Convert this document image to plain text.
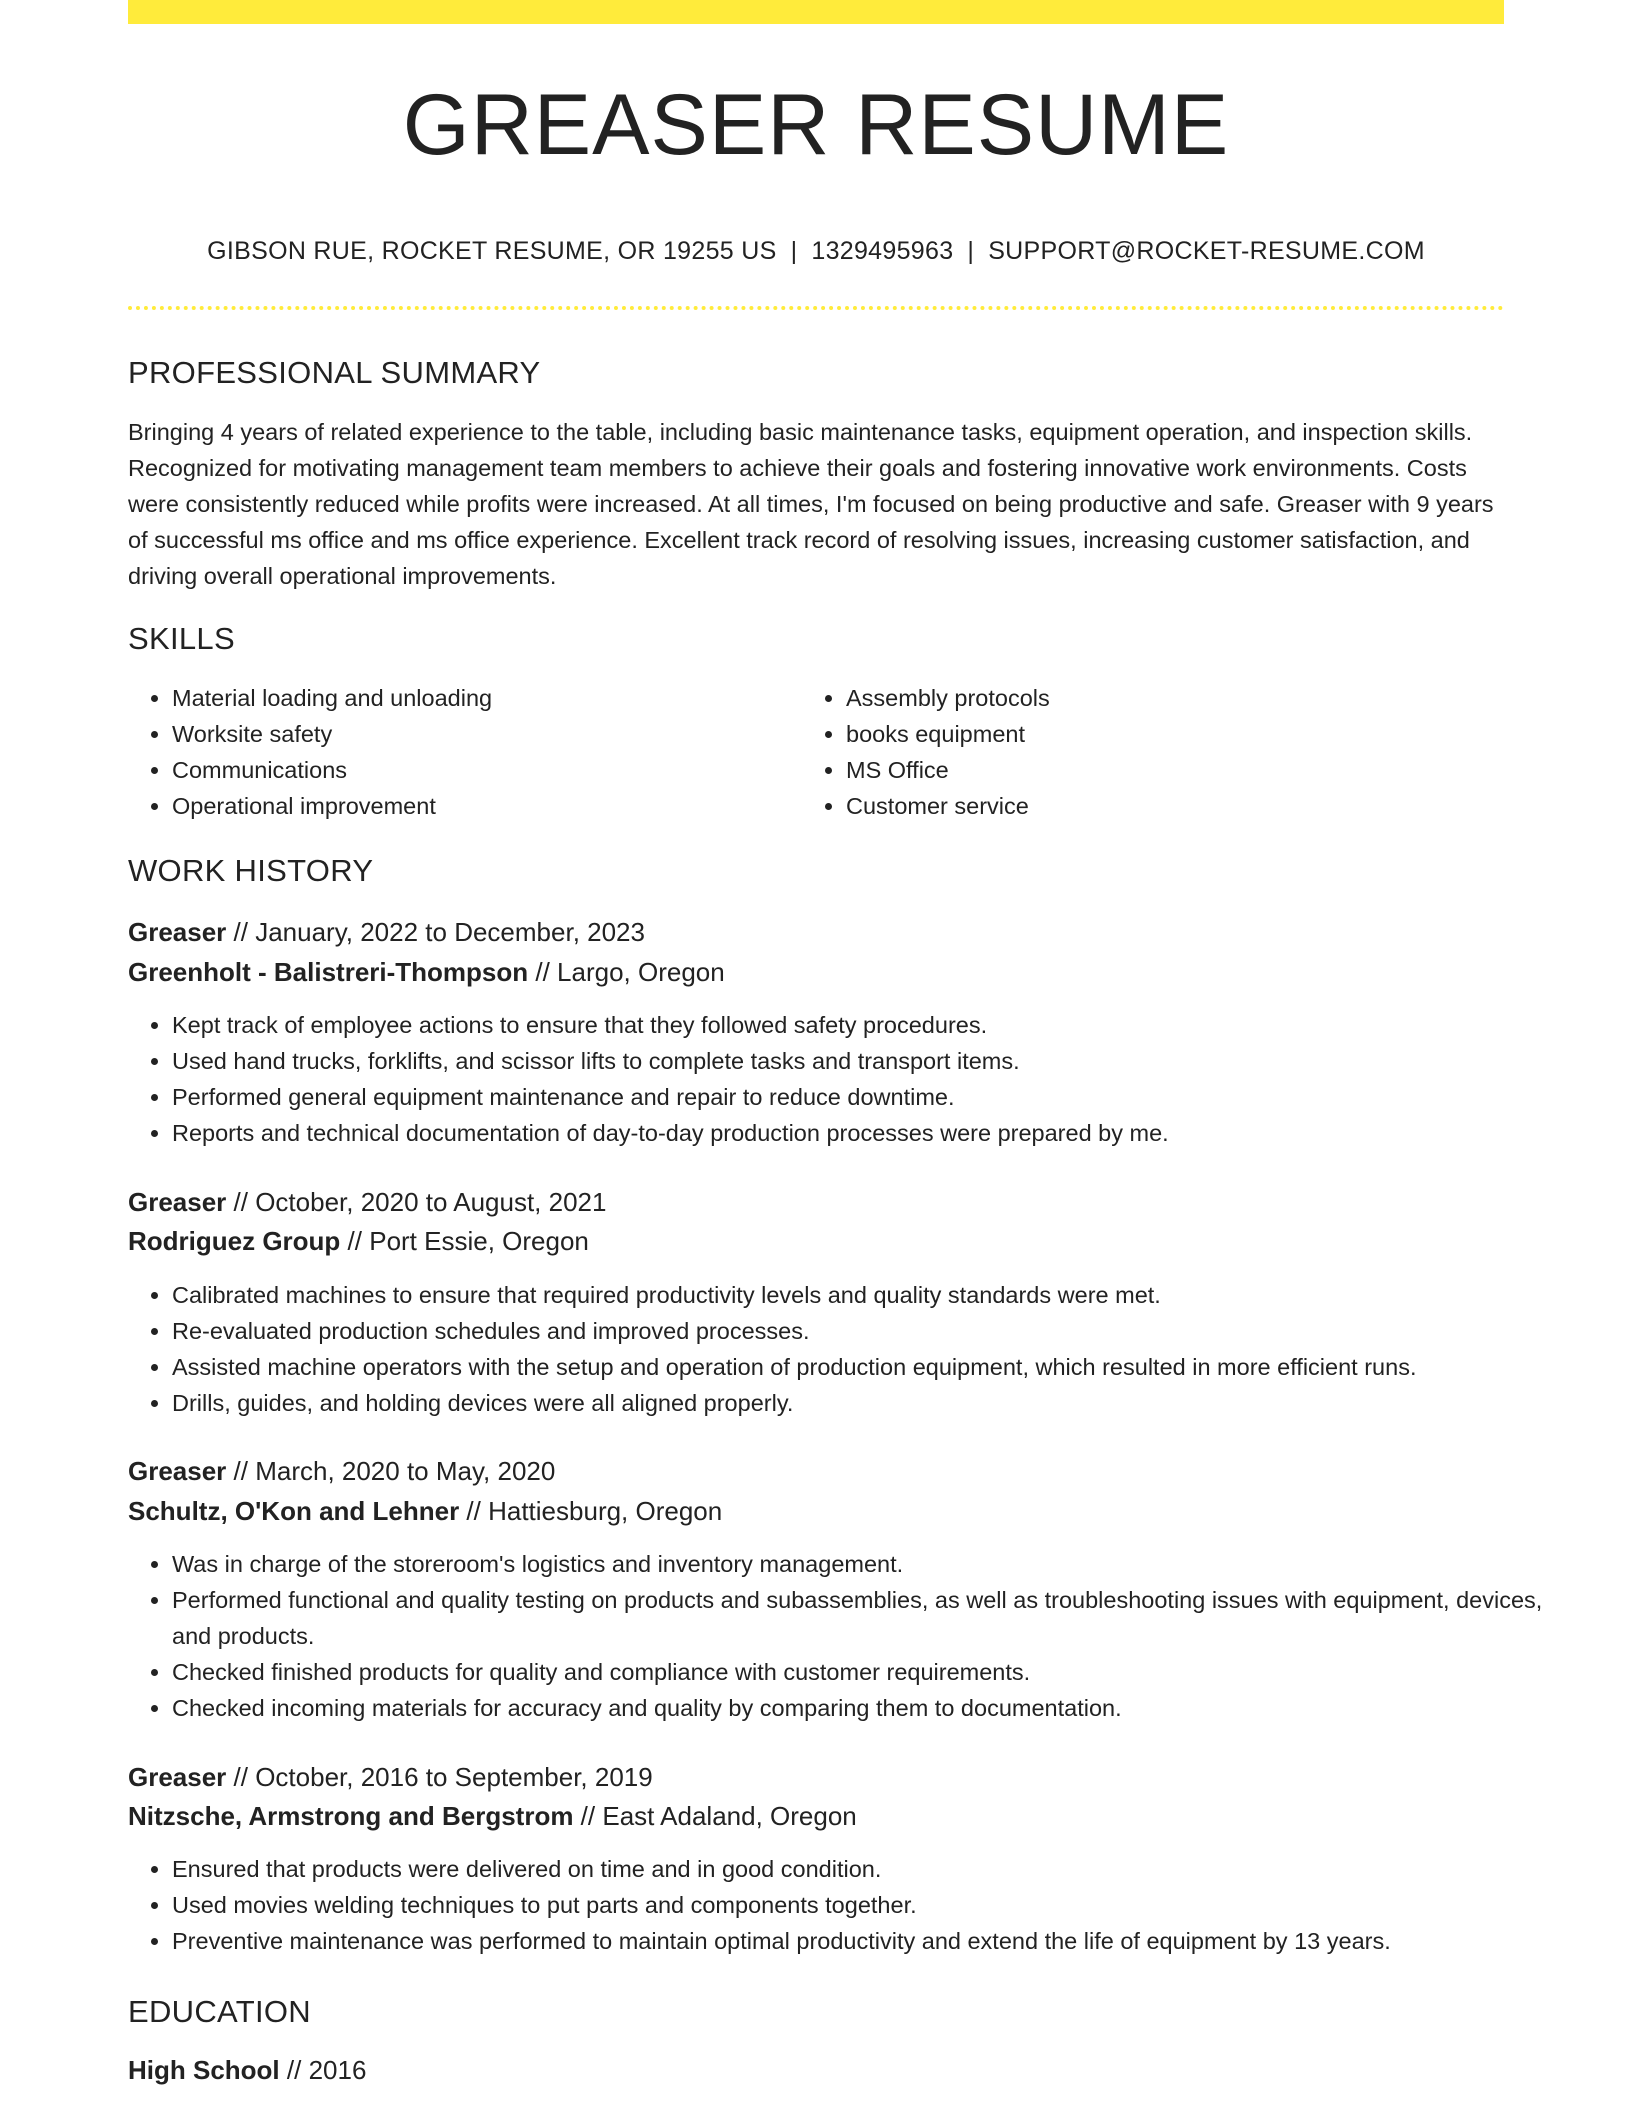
GREASER RESUME
GIBSON RUE, ROCKET RESUME, OR 19255 US | 1329495963 | SUPPORT@ROCKET-RESUME.COM
PROFESSIONAL SUMMARY

Bringing 4 years of related experience to the table, including basic maintenance tasks, equipment operation, and inspection skills. Recognized for motivating management team members to achieve their goals and fostering innovative work environments. Costs were consistently reduced while profits were increased. At all times, I'm focused on being productive and safe. Greaser with 9 years of successful ms office and ms office experience. Excellent track record of resolving issues, increasing customer satisfaction, and driving overall operational improvements.

SKILLS
• Material loading and unloading
• Worksite safety
• Communications
• Operational improvement
• Assembly protocols
• books equipment
• MS Office
• Customer service
WORK HISTORY
Greaser // January, 2022 to December, 2023
Greenholt - Balistreri-Thompson // Largo, Oregon
• Kept track of employee actions to ensure that they followed safety procedures.
• Used hand trucks, forklifts, and scissor lifts to complete tasks and transport items.
• Performed general equipment maintenance and repair to reduce downtime.
• Reports and technical documentation of day-to-day production processes were prepared by me.
Greaser // October, 2020 to August, 2021
Rodriguez Group // Port Essie, Oregon
• Calibrated machines to ensure that required productivity levels and quality standards were met.
• Re-evaluated production schedules and improved processes.
• Assisted machine operators with the setup and operation of production equipment, which resulted in more efficient runs.
• Drills, guides, and holding devices were all aligned properly.
Greaser // March, 2020 to May, 2020
Schultz, O'Kon and Lehner // Hattiesburg, Oregon
• Was in charge of the storeroom's logistics and inventory management.
• Performed functional and quality testing on products and subassemblies, as well as troubleshooting issues with equipment, devices, and products.
• Checked finished products for quality and compliance with customer requirements.
• Checked incoming materials for accuracy and quality by comparing them to documentation.
Greaser // October, 2016 to September, 2019
Nitzsche, Armstrong and Bergstrom // East Adaland, Oregon
• Ensured that products were delivered on time and in good condition.
• Used movies welding techniques to put parts and components together.
• Preventive maintenance was performed to maintain optimal productivity and extend the life of equipment by 13 years.
EDUCATION
High School // 2016
